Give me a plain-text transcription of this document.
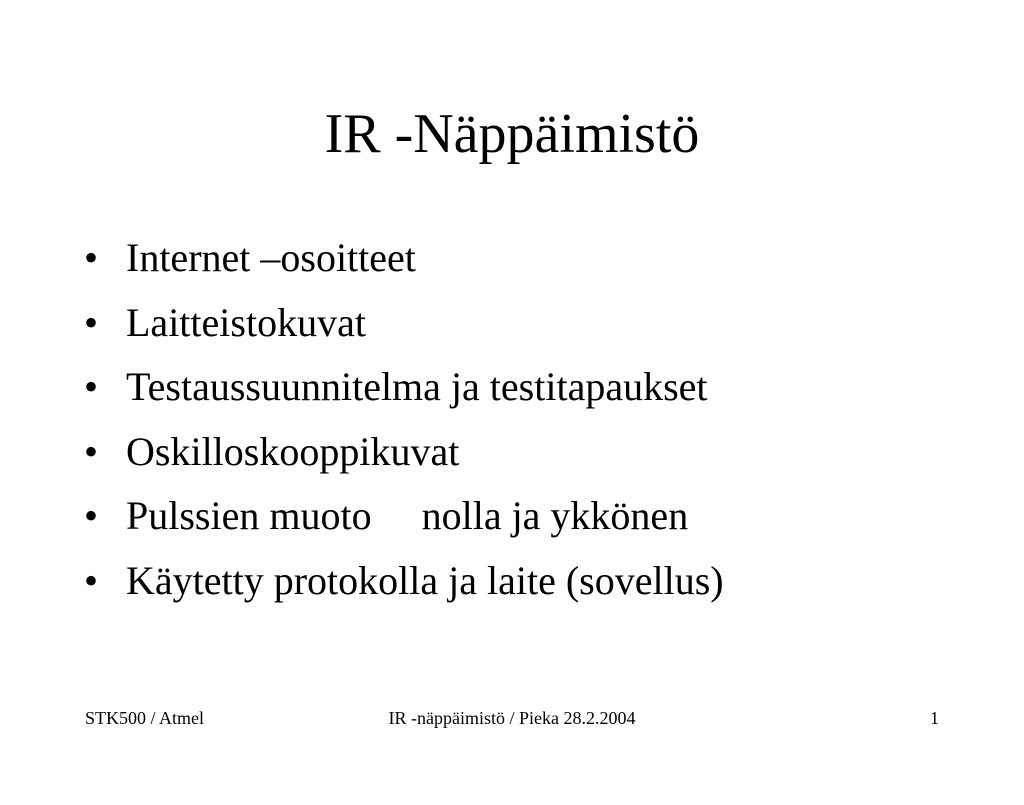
IR -Näppäimistö

•

Internet –osoitteet

•

Laitteistokuvat

•

Testaussuunnitelma ja testitapaukset

•

Oskilloskooppikuvat

•

Pulssien muoto     nolla ja ykkönen

•

Käytetty protokolla ja laite (sovellus)

STK500 / Atmel	IR -näppäimistö / Pieka 28.2.2004	1
